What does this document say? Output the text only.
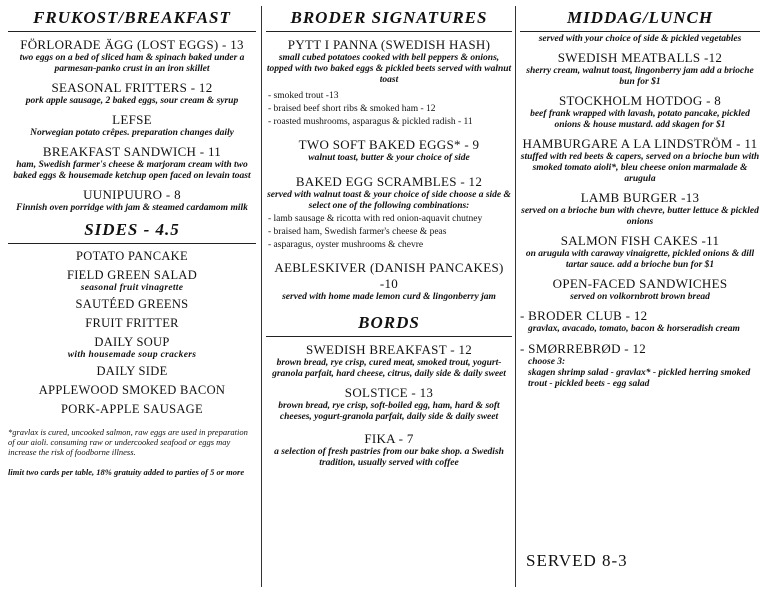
FRUKOST/BREAKFAST
FÖRLORADE ÄGG (LOST EGGS) - 13
two eggs on a bed of sliced ham & spinach baked under a parmesan-panko crust in an iron skillet
SEASONAL FRITTERS - 12
pork apple sausage, 2 baked eggs, sour cream & syrup
LEFSE
Norwegian potato crêpes. preparation changes daily
BREAKFAST SANDWICH - 11
ham, Swedish farmer's cheese & marjoram cream with two baked eggs & housemade ketchup open faced on levain toast
UUNIPUURO - 8
Finnish oven porridge with jam & steamed cardamom milk
SIDES - 4.5
POTATO PANCAKE
FIELD GREEN SALAD
seasonal fruit vinagrette
SAUTÉED GREENS
FRUIT FRITTER
DAILY SOUP
with housemade soup crackers
DAILY SIDE
APPLEWOOD SMOKED BACON
PORK-APPLE SAUSAGE
*gravlax is cured, uncooked salmon, raw eggs are used in preparation of our aioli. consuming raw or undercooked seafood or eggs may increase the risk of foodborne illness.
limit two cards per table, 18% gratuity added to parties of 5 or more
BRODER SIGNATURES
PYTT I PANNA (SWEDISH HASH)
small cubed potatoes cooked with bell peppers & onions, topped with two baked eggs & pickled beets served with walnut toast
- smoked trout -13
- braised beef short ribs & smoked ham - 12
- roasted mushrooms, asparagus & pickled radish - 11
TWO SOFT BAKED EGGS* - 9
walnut toast, butter & your choice of side
BAKED EGG SCRAMBLES - 12
served with walnut toast & your choice of side choose a side & select one of the following combinations:
- lamb sausage & ricotta with red onion-aquavit chutney
- braised ham, Swedish farmer's cheese & peas
- asparagus, oyster mushrooms & chevre
AEBLESKIVER (DANISH PANCAKES) -10
served with home made lemon curd & lingonberry jam
BORDS
SWEDISH BREAKFAST - 12
brown bread, rye crisp, cured meat, smoked trout, yogurt-granola parfait, hard cheese, citrus, daily side & daily sweet
SOLSTICE - 13
brown bread, rye crisp, soft-boiled egg, ham, hard & soft cheeses, yogurt-granola parfait, daily side & daily sweet
FIKA - 7
a selection of fresh pastries from our bake shop. a Swedish tradition, usually served with coffee
MIDDAG/LUNCH
served with your choice of side & pickled vegetables
SWEDISH MEATBALLS -12
sherry cream, walnut toast, lingonberry jam add a brioche bun for $1
STOCKHOLM HOTDOG - 8
beef frank wrapped with lavash, potato pancake, pickled onions & house mustard. add skagen for $1
HAMBURGARE A LA LINDSTRÖM - 11
stuffed with red beets & capers, served on a brioche bun with smoked tomato aioli*, bleu cheese onion marmalade & arugula
LAMB BURGER -13
served on a brioche bun with chevre, butter lettuce & pickled onions
SALMON FISH CAKES -11
on arugula with caraway vinaigrette, pickled onions & dill tartar sauce. add a brioche bun for $1
OPEN-FACED SANDWICHES
served on volkornbrott brown bread
- BRODER CLUB - 12
gravlax, avacado, tomato, bacon & horseradish cream
- SMØRREBRØD - 12
choose 3:
skagen shrimp salad - gravlax* - pickled herring smoked trout - pickled beets - egg salad
SERVED 8-3
